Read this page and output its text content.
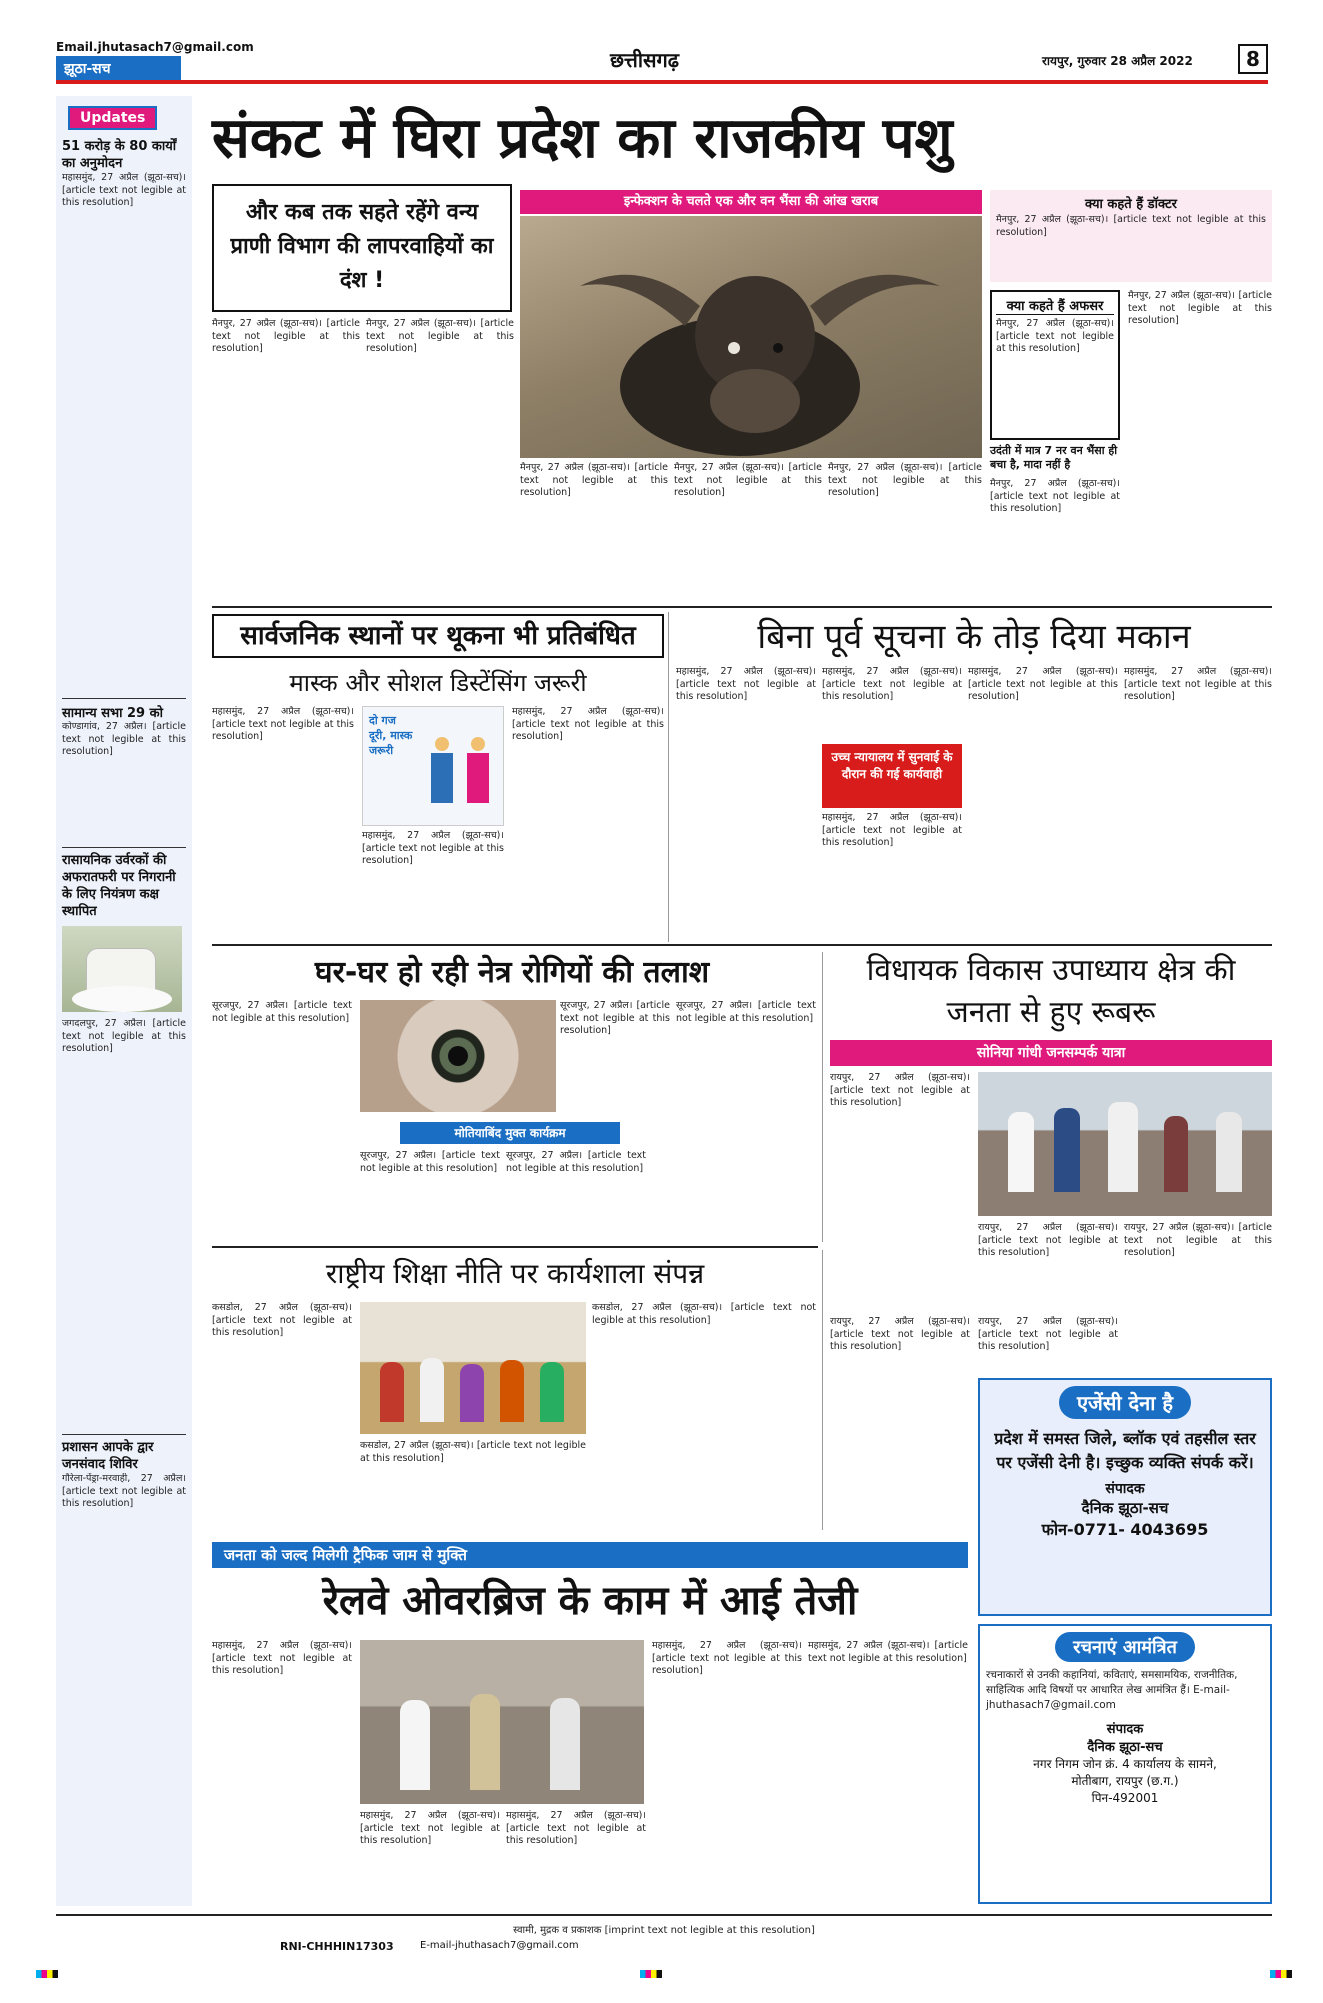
Email.jhutasach7@gmail.com
झूठा-सच	छत्तीसगढ़	रायपुर, गुरुवार 28 अप्रैल 2022	8
Updates
51 करोड़ के 80 कार्यों का अनुमोदन
महासमुंद, 27 अप्रैल (झूठा-सच)। [article text not legible at this resolution]
सामान्य सभा 29 को
कोण्डागांव, 27 अप्रैल। [article text not legible at this resolution]
रासायनिक उर्वरकों की अफरातफरी पर निगरानी के लिए नियंत्रण कक्ष स्थापित
जगदलपुर, 27 अप्रैल। [article text not legible at this resolution]
प्रशासन आपके द्वार जनसंवाद शिविर
गौरेला-पेंड्रा-मरवाही, 27 अप्रैल। [article text not legible at this resolution]
संकट में घिरा प्रदेश का राजकीय पशु
और कब तक सहते रहेंगे वन्य प्राणी विभाग की लापरवाहियों का दंश !
इन्फेक्शन के चलते एक और वन भैंसा की आंख खराब	क्या कहते हैं डॉक्टर
मैनपुर, 27 अप्रैल (झूठा-सच)। [article text not legible at this resolution]
क्या कहते हैं अफसर
मैनपुर, 27 अप्रैल (झूठा-सच)। [article text not legible at this resolution]
मैनपुर, 27 अप्रैल (झूठा-सच)। [article text not legible at this resolution]
उदंती में मात्र 7 नर वन भैंसा ही बचा है, मादा नहीं है
मैनपुर, 27 अप्रैल (झूठा-सच)। [article text not legible at this resolution]
मैनपुर, 27 अप्रैल (झूठा-सच)। [article text not legible at this resolution]
मैनपुर, 27 अप्रैल (झूठा-सच)। [article text not legible at this resolution]
मैनपुर, 27 अप्रैल (झूठा-सच)। [article text not legible at this resolution]
मैनपुर, 27 अप्रैल (झूठा-सच)। [article text not legible at this resolution]
मैनपुर, 27 अप्रैल (झूठा-सच)। [article text not legible at this resolution]
सार्वजनिक स्थानों पर थूकना भी प्रतिबंधित
मास्क और सोशल डिस्टेंसिंग जरूरी
महासमुंद, 27 अप्रैल (झूठा-सच)। [article text not legible at this resolution]
दो गज दूरी, मास्क जरूरी
महासमुंद, 27 अप्रैल (झूठा-सच)। [article text not legible at this resolution]
महासमुंद, 27 अप्रैल (झूठा-सच)। [article text not legible at this resolution]
बिना पूर्व सूचना के तोड़ दिया मकान
महासमुंद, 27 अप्रैल (झूठा-सच)। [article text not legible at this resolution]
महासमुंद, 27 अप्रैल (झूठा-सच)। [article text not legible at this resolution]
उच्च न्यायालय में सुनवाई के दौरान की गई कार्यवाही
महासमुंद, 27 अप्रैल (झूठा-सच)। [article text not legible at this resolution]
महासमुंद, 27 अप्रैल (झूठा-सच)। [article text not legible at this resolution]
महासमुंद, 27 अप्रैल (झूठा-सच)। [article text not legible at this resolution]
घर-घर हो रही नेत्र रोगियों की तलाश
सूरजपुर, 27 अप्रैल। [article text not legible at this resolution]
मोतियाबिंद मुक्त कार्यक्रम
सूरजपुर, 27 अप्रैल। [article text not legible at this resolution]
सूरजपुर, 27 अप्रैल। [article text not legible at this resolution]
सूरजपुर, 27 अप्रैल। [article text not legible at this resolution]
सूरजपुर, 27 अप्रैल। [article text not legible at this resolution]
विधायक विकास उपाध्याय क्षेत्र की जनता से हुए रूबरू
सोनिया गांधी जनसम्पर्क यात्रा
रायपुर, 27 अप्रैल (झूठा-सच)। [article text not legible at this resolution]
रायपुर, 27 अप्रैल (झूठा-सच)। [article text not legible at this resolution]
रायपुर, 27 अप्रैल (झूठा-सच)। [article text not legible at this resolution]
राष्ट्रीय शिक्षा नीति पर कार्यशाला संपन्न
कसडोल, 27 अप्रैल (झूठा-सच)। [article text not legible at this resolution]
कसडोल, 27 अप्रैल (झूठा-सच)। [article text not legible at this resolution]
कसडोल, 27 अप्रैल (झूठा-सच)। [article text not legible at this resolution]	रायपुर, 27 अप्रैल (झूठा-सच)। [article text not legible at this resolution]
रायपुर, 27 अप्रैल (झूठा-सच)। [article text not legible at this resolution]
एजेंसी देना है
प्रदेश में समस्त जिले, ब्लॉक एवं तहसील स्तर पर एजेंसी देनी है। इच्छुक व्यक्ति संपर्क करें।
संपादक
दैनिक झूठा-सच
फोन-0771- 4043695
रचनाएं आमंत्रित
रचनाकारों से उनकी कहानियां, कविताएं, समसामयिक, राजनीतिक, साहित्यिक आदि विषयों पर आधारित लेख आमंत्रित हैं। E-mail-jhuthasach7@gmail.com
संपादक
दैनिक झूठा-सच
नगर निगम जोन क्रं. 4 कार्यालय के सामने,
मोतीबाग, रायपुर (छ.ग.)
पिन-492001
जनता को जल्द मिलेगी ट्रैफिक जाम से मुक्ति
रेलवे ओवरब्रिज के काम में आई तेजी
महासमुंद, 27 अप्रैल (झूठा-सच)। [article text not legible at this resolution]
महासमुंद, 27 अप्रैल (झूठा-सच)। [article text not legible at this resolution]
महासमुंद, 27 अप्रैल (झूठा-सच)। [article text not legible at this resolution]
महासमुंद, 27 अप्रैल (झूठा-सच)। [article text not legible at this resolution]
महासमुंद, 27 अप्रैल (झूठा-सच)। [article text not legible at this resolution]
स्वामी, मुद्रक व प्रकाशक [imprint text not legible at this resolution]
RNI-CHHHIN17303	E-mail-jhuthasach7@gmail.com
